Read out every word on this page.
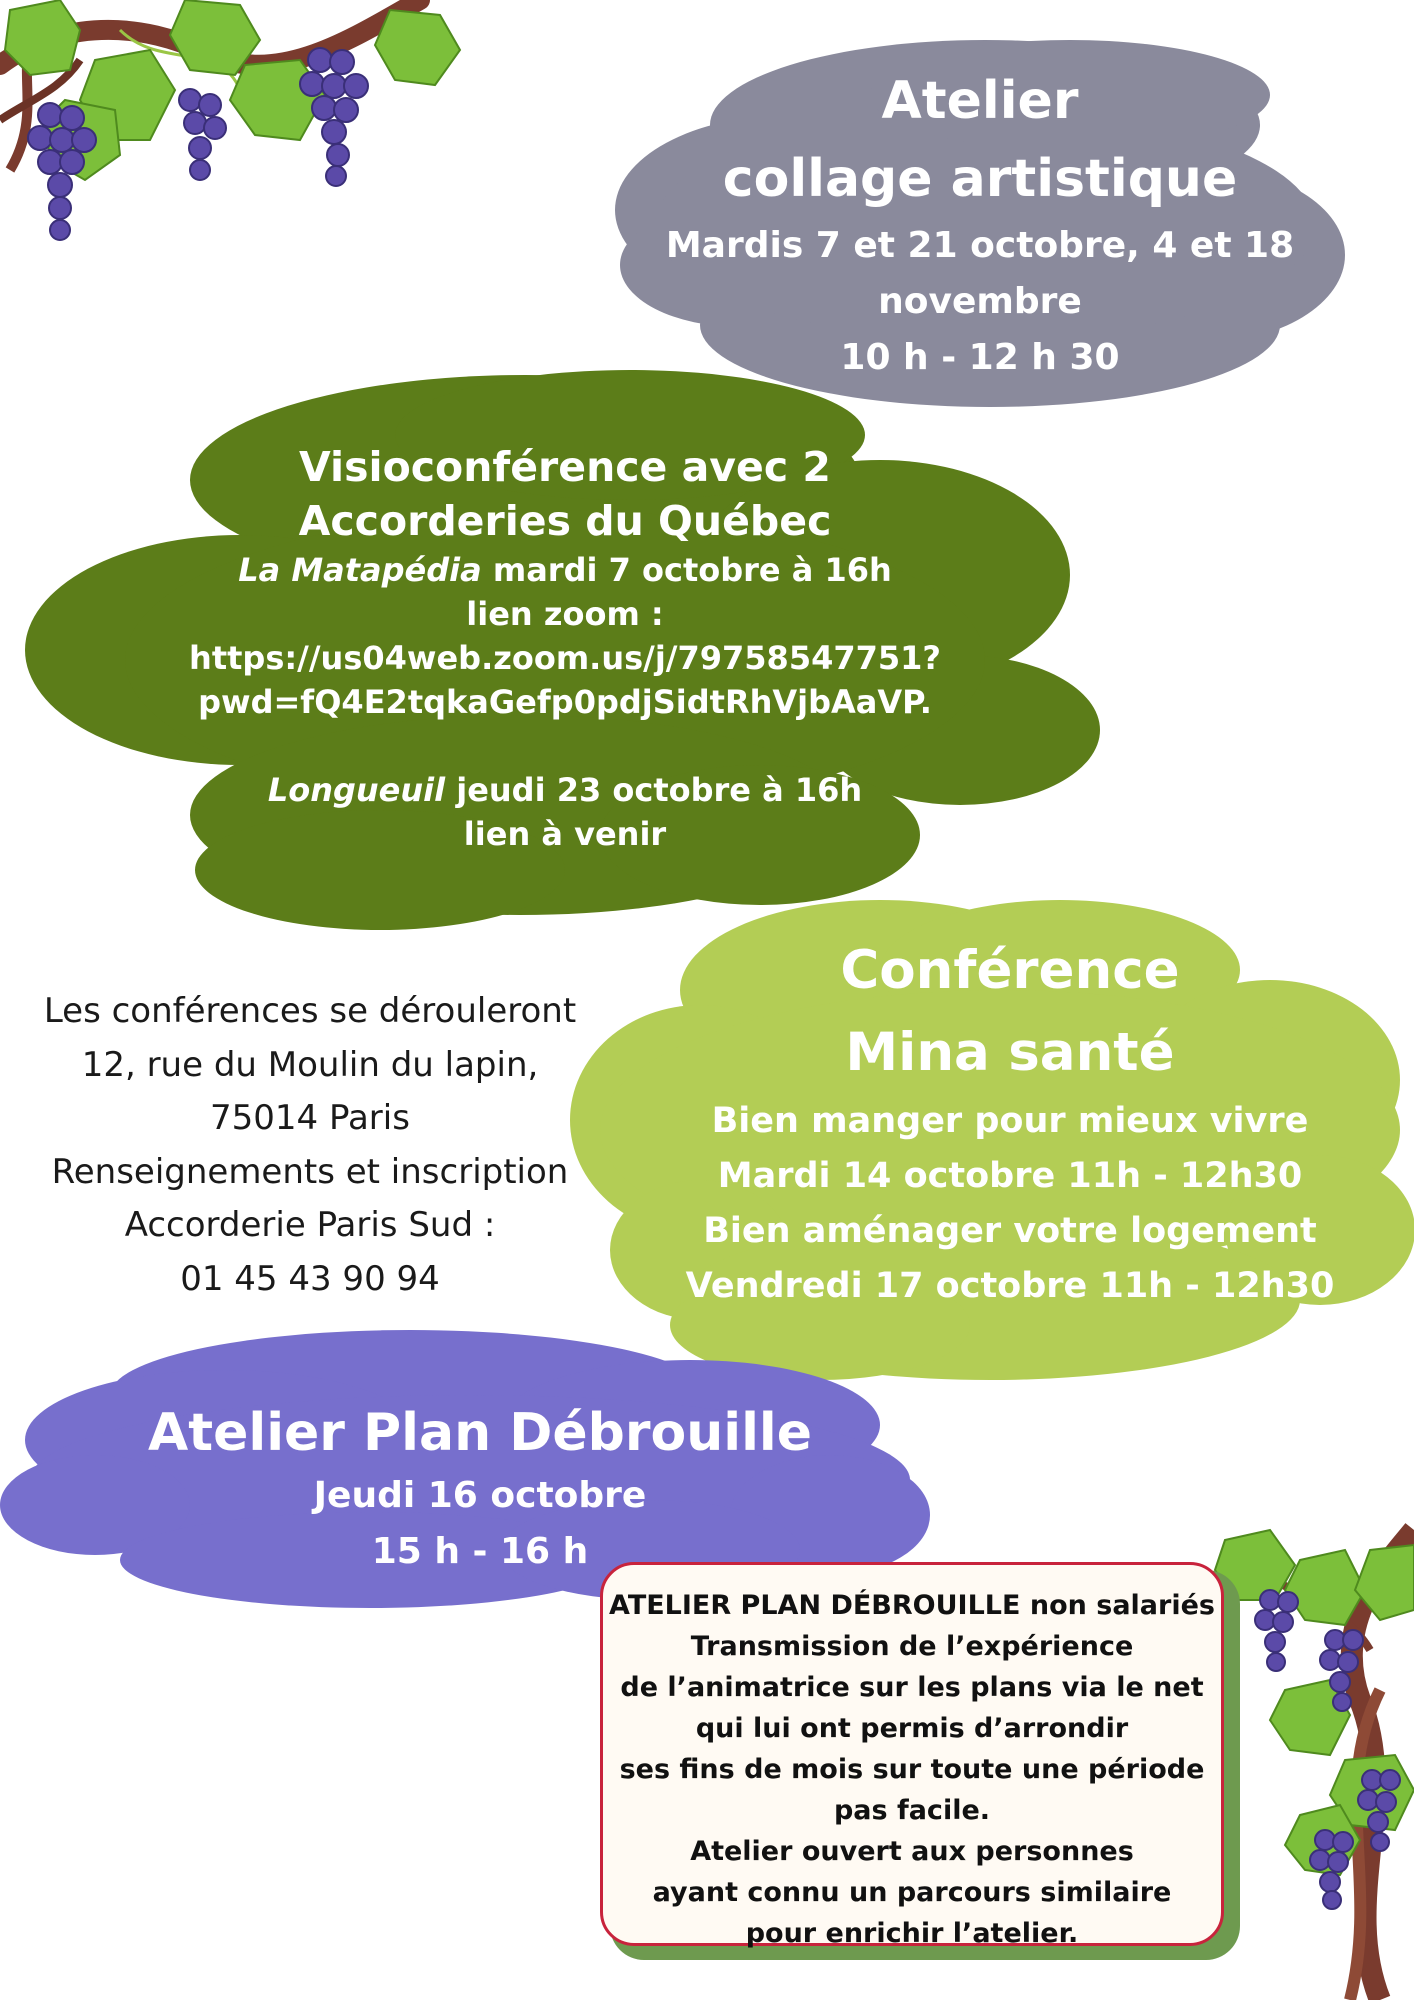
Atelier
collage artistique
Mardis 7 et 21 octobre, 4 et 18
novembre
10 h - 12 h 30
Visioconférence avec 2
Accorderies du Québec
La Matapédia mardi 7 octobre à 16h
lien zoom :
https://us04web.zoom.us/j/79758547751?
pwd=fQ4E2tqkaGefp0pdjSidtRhVjbAaVP.
Longueuil jeudi 23 octobre à 16h
lien à venir
Conférence
Mina santé
Bien manger pour mieux vivre
Mardi 14 octobre 11h - 12h30
Bien aménager votre logement
Vendredi 17 octobre 11h - 12h30
Les conférences se dérouleront
12, rue du Moulin du lapin,
75014 Paris
Renseignements et inscription
Accorderie Paris Sud :
01 45 43 90 94
Atelier Plan Débrouille
Jeudi 16 octobre
15 h - 16 h
ATELIER PLAN DÉBROUILLE non salariés
Transmission de l’expérience
de l’animatrice sur les plans via le net
qui lui ont permis d’arrondir
ses fins de mois sur toute une période
pas facile.
Atelier ouvert aux personnes
ayant connu un parcours similaire
pour enrichir l’atelier.
